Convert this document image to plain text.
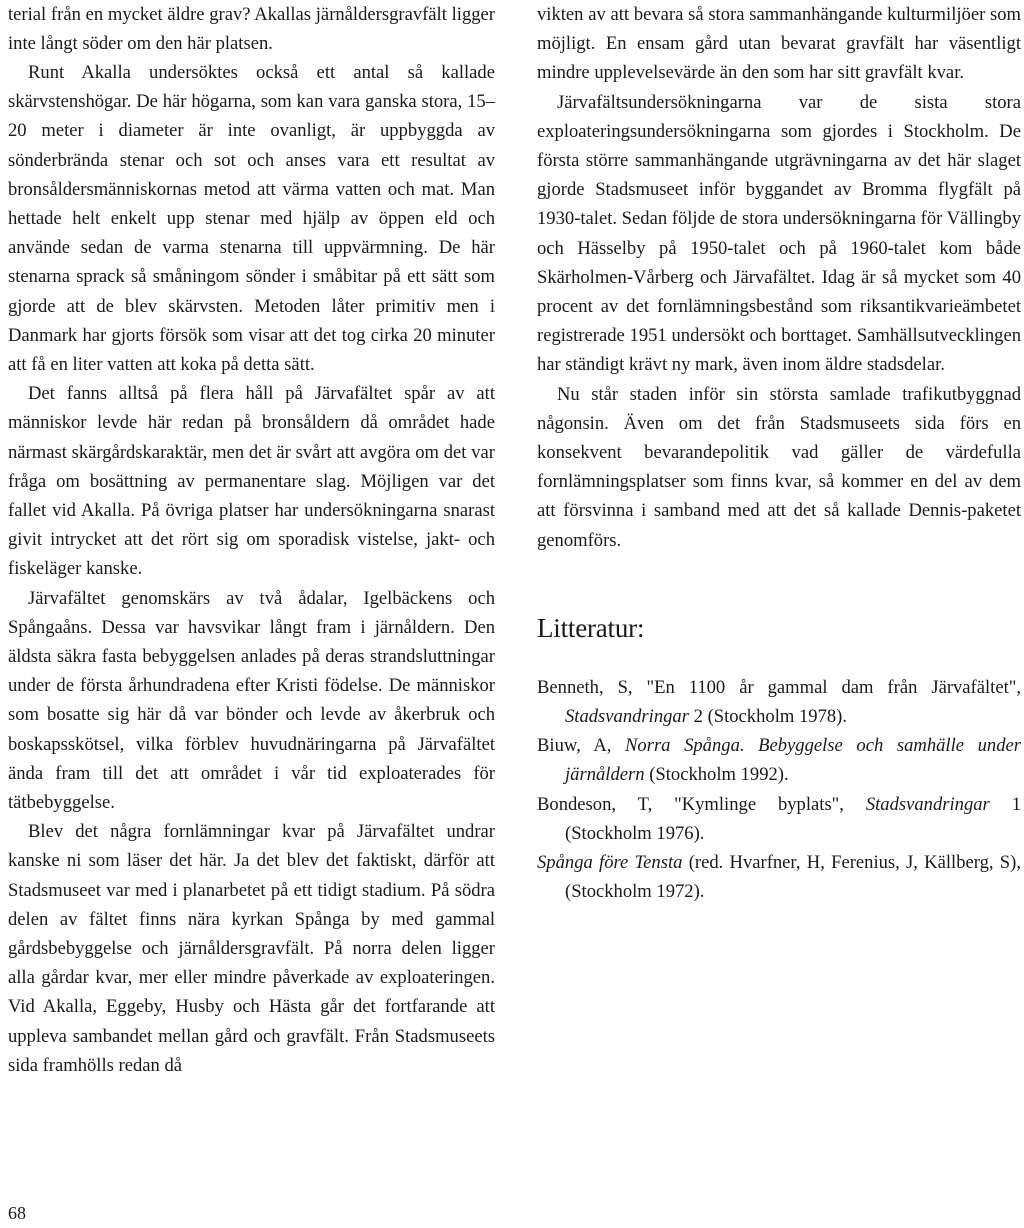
terial från en mycket äldre grav? Akallas järnåldersgravfält ligger inte långt söder om den här platsen.

Runt Akalla undersöktes också ett antal så kallade skärvstenshögar. De här högarna, som kan vara ganska stora, 15–20 meter i diameter är inte ovanligt, är uppbyggda av sönderbrända stenar och sot och anses vara ett resultat av bronsåldersmänniskornas metod att värma vatten och mat. Man hettade helt enkelt upp stenar med hjälp av öppen eld och använde sedan de varma stenarna till uppvärmning. De här stenarna sprack så småningom sönder i småbitar på ett sätt som gjorde att de blev skärvsten. Metoden låter primitiv men i Danmark har gjorts försök som visar att det tog cirka 20 minuter att få en liter vatten att koka på detta sätt.

Det fanns alltså på flera håll på Järvafältet spår av att människor levde här redan på bronsåldern då området hade närmast skärgårdskaraktär, men det är svårt att avgöra om det var fråga om bosättning av permanentare slag. Möjligen var det fallet vid Akalla. På övriga platser har undersökningarna snarast givit intrycket att det rört sig om sporadisk vistelse, jakt- och fiskeläger kanske.

Järvafältet genomskärs av två ådalar, Igelbäckens och Spångaåns. Dessa var havsvikar långt fram i järnåldern. Den äldsta säkra fasta bebyggelsen anlades på deras strandsluttningar under de första århundradena efter Kristi födelse. De människor som bosatte sig här då var bönder och levde av åkerbruk och boskapsskötsel, vilka förblev huvudnäringarna på Järvafältet ända fram till det att området i vår tid exploaterades för tätbebyggelse.

Blev det några fornlämningar kvar på Järvafältet undrar kanske ni som läser det här. Ja det blev det faktiskt, därför att Stadsmuseet var med i planarbetet på ett tidigt stadium. På södra delen av fältet finns nära kyrkan Spånga by med gammal gårdsbebyggelse och järnåldersgravfält. På norra delen ligger alla gårdar kvar, mer eller mindre påverkade av exploateringen. Vid Akalla, Eggeby, Husby och Hästa går det fortfarande att uppleva sambandet mellan gård och gravfält. Från Stadsmuseets sida framhölls redan då

vikten av att bevara så stora sammanhängande kulturmiljöer som möjligt. En ensam gård utan bevarat gravfält har väsentligt mindre upplevelsevärde än den som har sitt gravfält kvar.

Järvafältsundersökningarna var de sista stora exploateringsundersökningarna som gjordes i Stockholm. De första större sammanhängande utgrävningarna av det här slaget gjorde Stadsmuseet inför byggandet av Bromma flygfält på 1930-talet. Sedan följde de stora undersökningarna för Vällingby och Hässelby på 1950-talet och på 1960-talet kom både Skärholmen-Vårberg och Järvafältet. Idag är så mycket som 40 procent av det fornlämningsbestånd som riksantikvarieämbetet registrerade 1951 undersökt och borttaget. Samhällsutvecklingen har ständigt krävt ny mark, även inom äldre stadsdelar.

Nu står staden inför sin största samlade trafikutbyggnad någonsin. Även om det från Stadsmuseets sida förs en konsekvent bevarandepolitik vad gäller de värdefulla fornlämningsplatser som finns kvar, så kommer en del av dem att försvinna i samband med att det så kallade Dennis-paketet genomförs.

Litteratur:

Benneth, S, "En 1100 år gammal dam från Järvafältet", Stadsvandringar 2 (Stockholm 1978).

Biuw, A, Norra Spånga. Bebyggelse och samhälle under järnåldern (Stockholm 1992).

Bondeson, T, "Kymlinge byplats", Stadsvandringar 1 (Stockholm 1976).

Spånga före Tensta (red. Hvarfner, H, Ferenius, J, Källberg, S), (Stockholm 1972).

68
